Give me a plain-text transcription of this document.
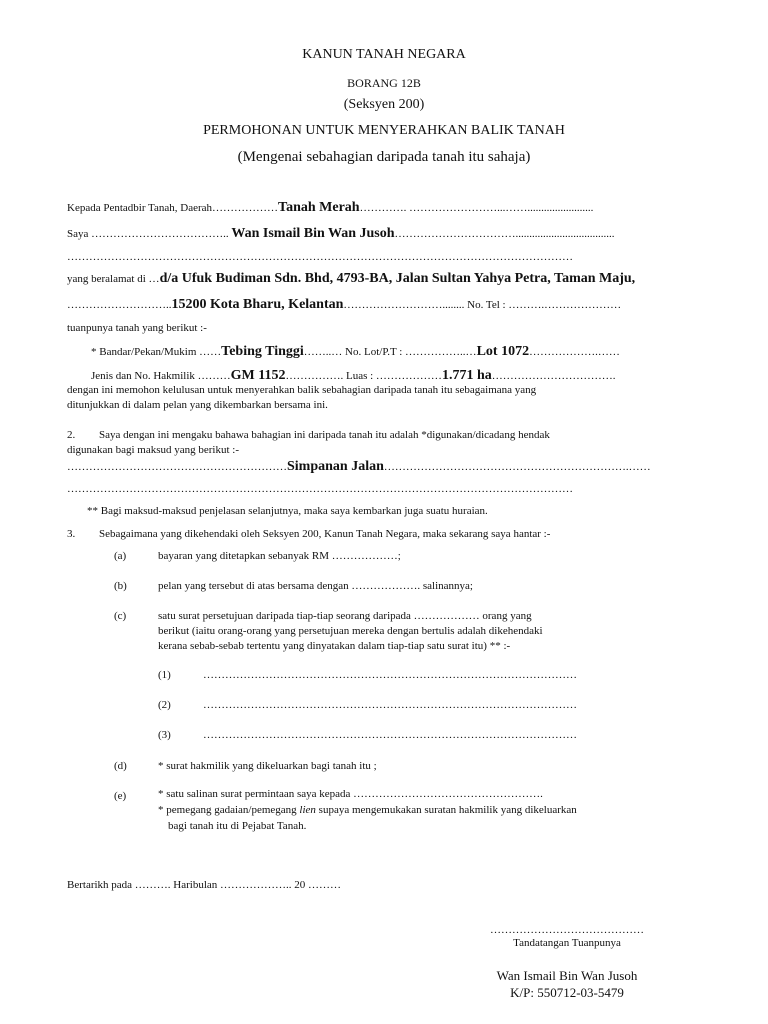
KANUN TANAH NEGARA
BORANG 12B
(Seksyen 200)
PERMOHONAN UNTUK MENYERAHKAN BALIK TANAH
(Mengenai sebahagian daripada tanah itu sahaja)
Kepada Pentadbir Tanah, Daerah………………Tanah Merah…………. ……………………...……........................
Saya ……………………………….. Wan Ismail Bin Wan Jusoh……………………………....................................
…………………………………………………………………………………………………………………………
yang beralamat di …d/a Ufuk Budiman Sdn. Bhd, 4793-BA, Jalan Sultan Yahya Petra, Taman Maju,
………………………..15200 Kota Bharu, Kelantan………………………........ No. Tel : ……….…………………
tuanpunya tanah yang berikut :-
* Bandar/Pekan/Mukim ……Tebing Tinggi……..… No. Lot/P.T : ……………..…Lot 1072……………….……
Jenis dan No. Hakmilik ………GM 1152……………. Luas : ………………1.771 ha…………………………….
dengan ini memohon kelulusan untuk menyerahkan balik sebahagian daripada tanah itu sebagaimana yang
ditunjukkan di dalam pelan yang dikembarkan bersama ini.
2. Saya dengan ini mengaku bahawa bahagian ini daripada tanah itu adalah *digunakan/dicadang hendak
digunakan bagi maksud yang berikut :-
……………………………………………………Simpanan Jalan………………………………………………………….……
…………………………………………………………………………………………………………………………
** Bagi maksud-maksud penjelasan selanjutnya, maka saya kembarkan juga suatu huraian.
3. Sebagaimana yang dikehendaki oleh Seksyen 200, Kanun Tanah Negara, maka sekarang saya hantar :-
(a)	bayaran yang ditetapkan sebanyak RM ………………;
(b)	pelan yang tersebut di atas bersama dengan ………………. salinannya;
(c)	satu surat persetujuan daripada tiap-tiap seorang daripada ……………… orang yang
berikut (iaitu orang-orang yang persetujuan mereka dengan bertulis adalah dikehendaki
kerana sebab-sebab tertentu yang dinyatakan dalam tiap-tiap satu surat itu) ** :-
(1)	…………………………………………………………………………………………
(2)	…………………………………………………………………………………………
(3)	…………………………………………………………………………………………
(d)	* surat hakmilik yang dikeluarkan bagi tanah itu ;
(e)	* satu salinan surat permintaan saya kepada …………………………………………….
* pemegang gadaian/pemegang lien supaya mengemukakan suratan hakmilik yang dikeluarkan
bagi tanah itu di Pejabat Tanah.
Bertarikh pada ………. Haribulan ……………….. 20 ………
……………………………………
Tandatangan Tuanpunya
Wan Ismail Bin Wan Jusoh
K/P: 550712-03-5479
